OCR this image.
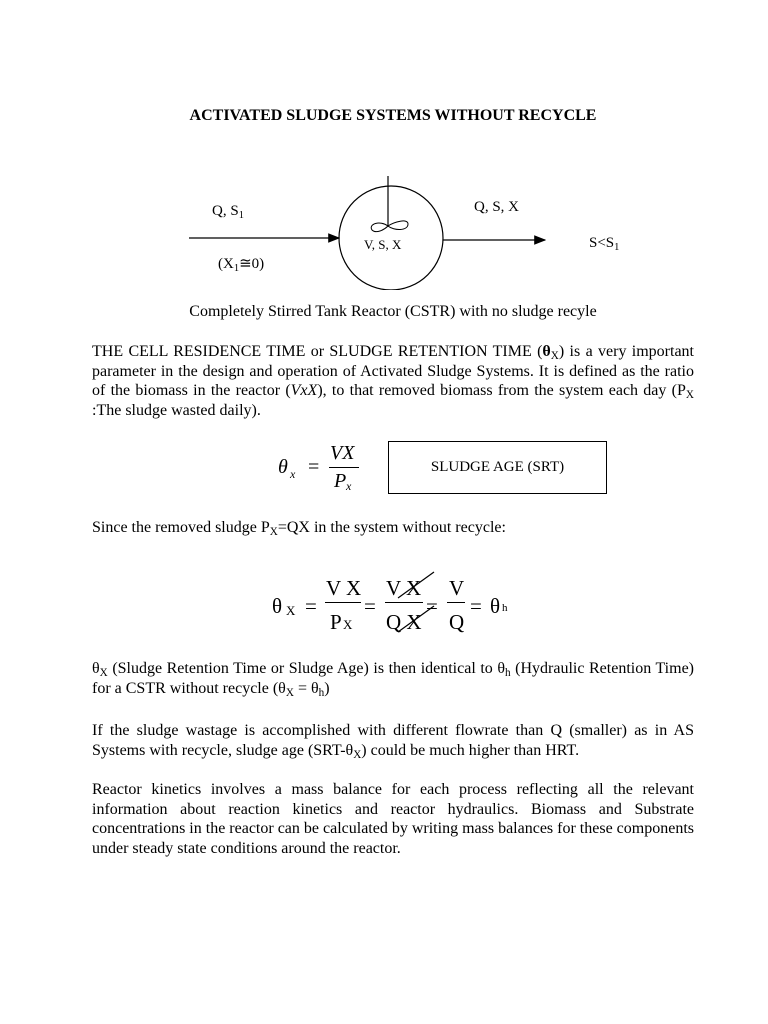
ACTIVATED SLUDGE SYSTEMS WITHOUT RECYCLE
Q, $S_1$
$(X_1≅0)$
V, S, X
Q, S, X
$S<S_1$
Completely Stirred Tank Reactor (CSTR) with no sludge recyle
THE CELL RESIDENCE TIME or SLUDGE RETENTION TIME $(\theta_X)$ is a very important parameter in the design and operation of Activated Sludge Systems. It is defined as the ratio of the biomass in the reactor (VxX), to that removed biomass from the system each day ($P_X$ :The sludge wasted daily).
θ x =
VX
P x
SLUDGE AGE (SRT)
Since the removed sludge $P_X=QX$ in the system without recycle:
θ X =
V X
P X
=
V X
Q X
=
V
Q
= θ h
$\theta_X$ (Sludge Retention Time or Sludge Age) is then identical to $\theta_h$ (Hydraulic Retention Time) for a CSTR without recycle $(\theta_X = \theta_h)$
If the sludge wastage is accomplished with different flowrate than Q (smaller) as in AS Systems with recycle, sludge age $(SRT-\theta_X)$ could be much higher than HRT.
Reactor kinetics involves a mass balance for each process reflecting all the relevant information about reaction kinetics and reactor hydraulics. Biomass and Substrate concentrations in the reactor can be calculated by writing mass balances for these components under steady state conditions around the reactor.
